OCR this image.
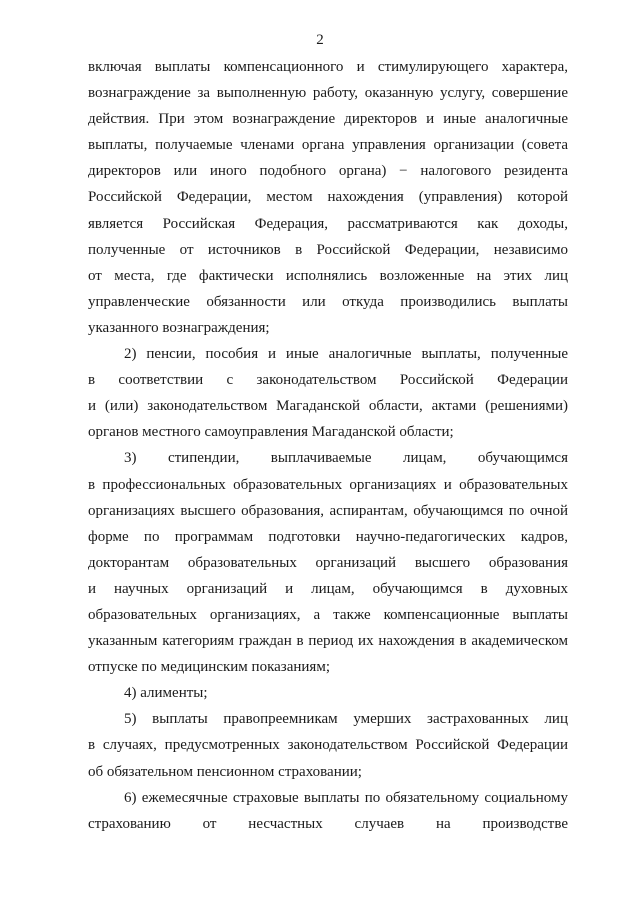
2
включая выплаты компенсационного и стимулирующего характера,
вознаграждение за выполненную работу, оказанную услугу, совершение
действия. При этом вознаграждение директоров и иные аналогичные
выплаты, получаемые членами органа управления организации (совета
директоров или иного подобного органа) − налогового резидента
Российской Федерации, местом нахождения (управления) которой
является Российская Федерация, рассматриваются как доходы,
полученные от источников в Российской Федерации, независимо
от места, где фактически исполнялись возложенные на этих лиц
управленческие обязанности или откуда производились выплаты
указанного вознаграждения;
2) пенсии, пособия и иные аналогичные выплаты, полученные
в соответствии с законодательством Российской Федерации
и (или) законодательством Магаданской области, актами (решениями)
органов местного самоуправления Магаданской области;
3) стипендии, выплачиваемые лицам, обучающимся
в профессиональных образовательных организациях и образовательных
организациях высшего образования, аспирантам, обучающимся по очной
форме по программам подготовки научно-педагогических кадров,
докторантам образовательных организаций высшего образования
и научных организаций и лицам, обучающимся в духовных
образовательных организациях, а также компенсационные выплаты
указанным категориям граждан в период их нахождения в академическом
отпуске по медицинским показаниям;
4) алименты;
5) выплаты правопреемникам умерших застрахованных лиц
в случаях, предусмотренных законодательством Российской Федерации
об обязательном пенсионном страховании;
6) ежемесячные страховые выплаты по обязательному социальному
страхованию от несчастных случаев на производстве
